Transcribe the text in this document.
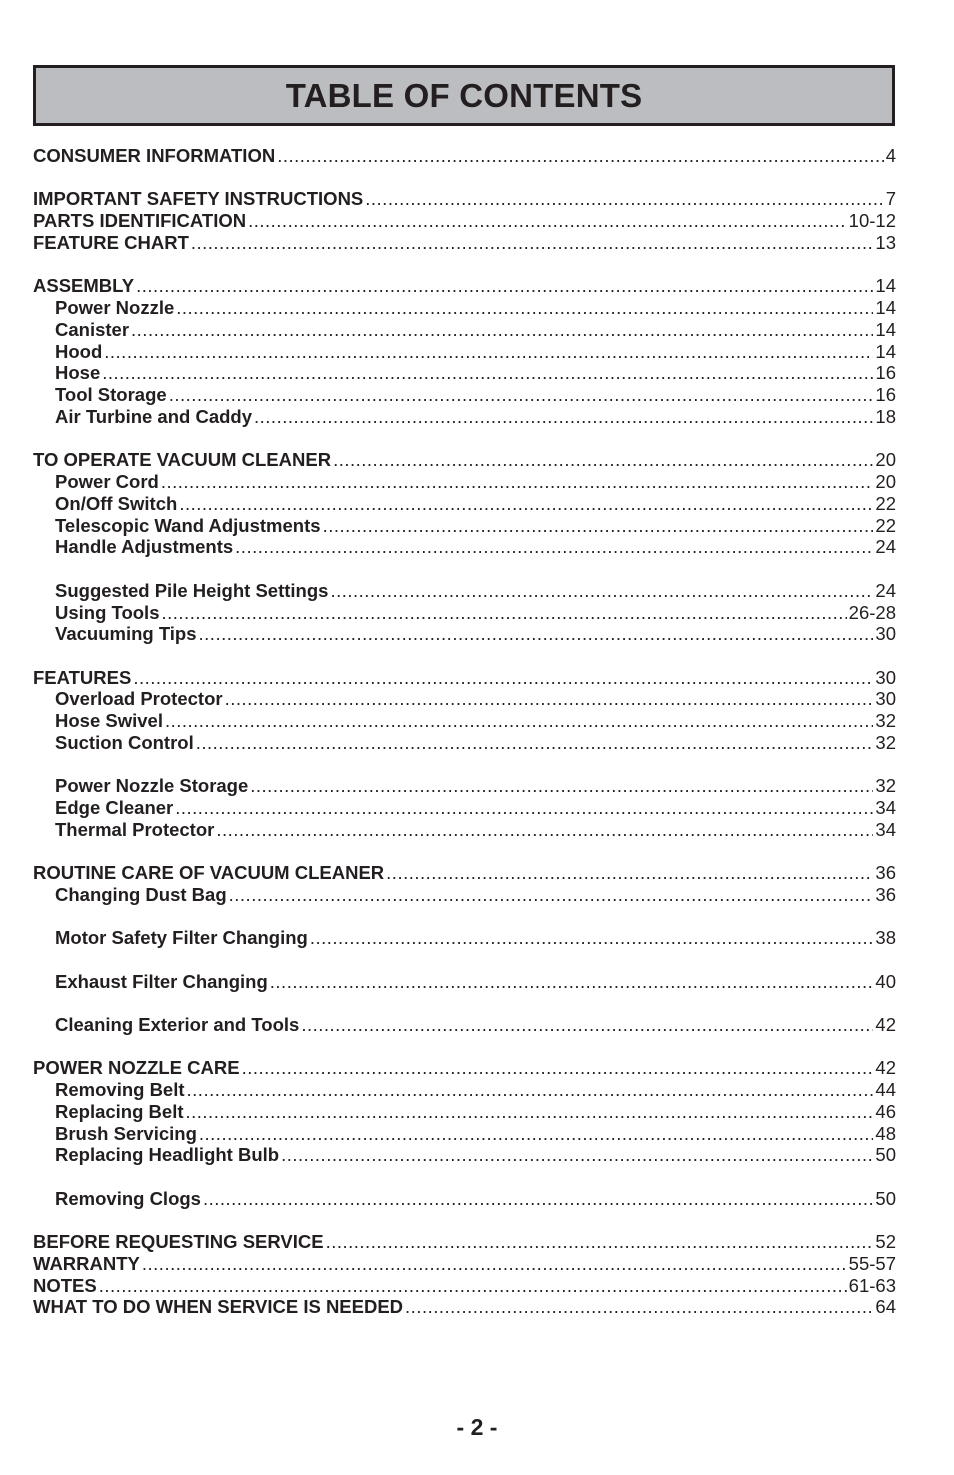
TABLE OF CONTENTS
CONSUMER INFORMATION .....	4
IMPORTANT SAFETY INSTRUCTIONS .....	7
PARTS IDENTIFICATION .....	10-12
FEATURE CHART .....	13
ASSEMBLY .....	14
Power Nozzle .....	14
Canister .....	14
Hood .....	14
Hose .....	16
Tool Storage .....	16
Air Turbine and Caddy .....	18
TO OPERATE VACUUM CLEANER .....	20
Power Cord .....	20
On/Off Switch .....	22
Telescopic Wand Adjustments .....	22
Handle Adjustments .....	24
Suggested Pile Height Settings .....	24
Using Tools .....	26-28
Vacuuming Tips .....	30
FEATURES .....	30
Overload Protector .....	30
Hose Swivel .....	32
Suction Control .....	32
Power Nozzle Storage .....	32
Edge Cleaner .....	34
Thermal Protector .....	34
ROUTINE CARE OF VACUUM CLEANER .....	36
Changing Dust Bag .....	36
Motor Safety Filter Changing .....	38
Exhaust Filter Changing .....	40
Cleaning Exterior and Tools .....	42
POWER NOZZLE CARE .....	42
Removing Belt .....	44
Replacing Belt .....	46
Brush Servicing .....	48
Replacing Headlight Bulb .....	50
Removing Clogs .....	50
BEFORE REQUESTING SERVICE .....	52
WARRANTY .....	55-57
NOTES .....	61-63
WHAT TO DO WHEN SERVICE IS NEEDED .....	64
- 2 -
